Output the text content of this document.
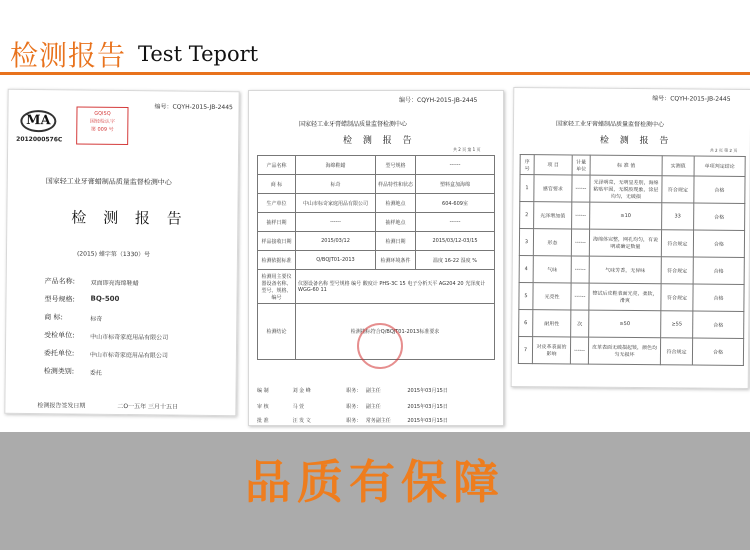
检测报告 Test Teport
MA
2012000576C
GQISQ
国轻检认字
第 009 号
编号：CQYH-2015-JB-2445
国家轻工业牙膏蜡制品质量监督检测中心
检 测 报 告
(2015) 蜡字第（1330）号
产品名称:	双面即亮海绵鞋蜡
型号规格: BQ-500
商 标:	标奇
受检单位:	中山市标奇家庭用品有限公司
委托单位:	中山市标奇家庭用品有限公司
检测类别:	委托
检测报告签发日期	二O一五年 三月十五日
编号：CQYH-2015-JB-2445
国家轻工业牙膏蜡制品质量监督检测中心
检 测 报 告
共 2 页 第 1 页
产品名称	海绵鞋蜡	型号规格	------
商 标	标奇	样品特性和状态	塑料盒加海绵
生产单位	中山市标奇家庭用品有限公司	检测地点	604-609室
抽样日期	------	抽样地点	------
样品接收日期	2015/03/12	检测日期	2015/03/12-03/15
检测依据标准	Q/BQJT01-2013	检测环境条件	温度 16-22 湿度 %
检测用主要仪器设备名称、型号、规格、编号	仪器设备名称 型号规格 编号 酸度计 PHS-3C 15 电子分析天平 AG204 20 光泽度计 WGG-60 11		
检测结论	检测指标符合Q/BQJT01-2013标准要求		
编 制	刘 金 峰	职务： 副主任	2015年03月15日
审 核	马 萱	职务： 副主任	2015年03月15日
批 准	汪 发 文	职务： 常务副主任	2015年03月15日
编号：CQYH-2015-JB-2445
国家轻工业牙膏蜡制品质量监督检测中心
检 测 报 告
共 2 页 第 2 页
序号	项 目	计量单位	标 准 值	实测值	单项判定结论
1	感官要求	------	光泽明亮，无明显差别，海绵粘贴牢固，无脱胶现象，涂层均匀，无破损	符合规定	合格
2	光泽增加值	------	≥10	33	合格
3	形态	------	海绵体完整，网孔均匀，有说明或确定数量	符合规定	合格
4	气味	------	气味芳香，无异味	符合规定	合格
5	光亮性	------	擦试后皮鞋表面光亮，柔软，滑爽	符合规定	合格
6	耐用性	次	≥50	≥55	合格
7	对皮革表面的影响	------	皮革表面无破损起皱，颜色均匀无损坏	符合规定	合格
品质有保障
